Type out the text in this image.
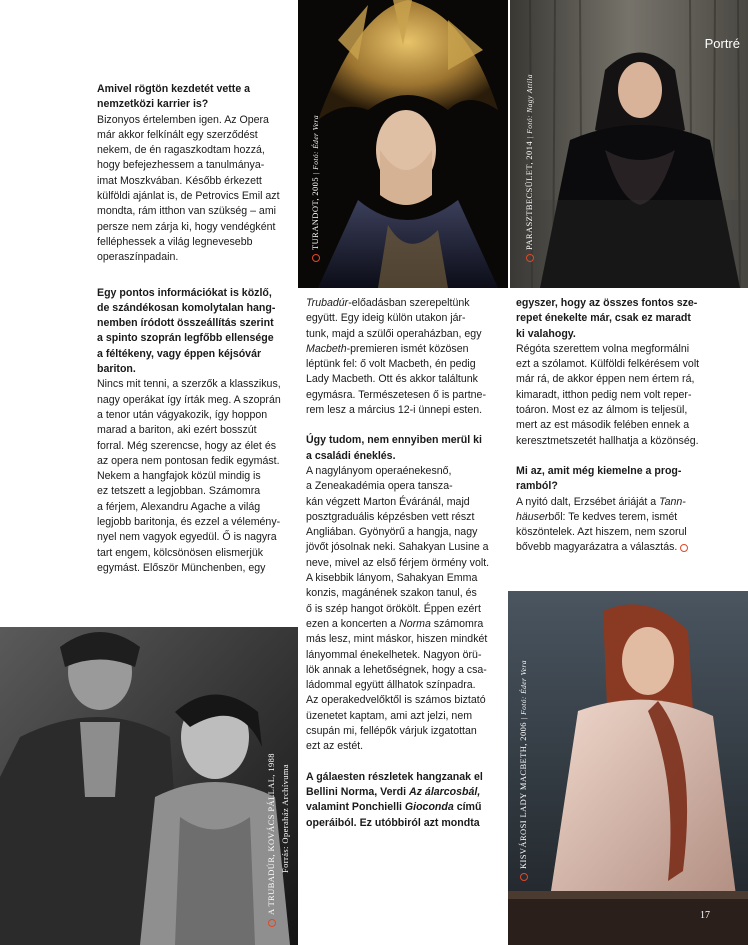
TURANDOT, 2005 | Fotó: Éder Vera
Portré
PARASZTBECSÜLET, 2014 | Fotó: Nagy Attila
A TRUBADÚR, KOVÁCS PÁLLAL, 1988 Forrás: Operaház Archívuma	KISVÁROSI LADY MACBETH, 2006 | Fotó: Éder Vera
17

Amivel rögtön kezdetét vette a

nemzetközi karrier is?

Bizonyos értelemben igen. Az Opera

már akkor felkínált egy szerződést

nekem, de én ragaszkodtam hozzá,

hogy befejezhessem a tanulmánya-

imat Moszkvában. Később érkezett

külföldi ajánlat is, de Petrovics Emil azt

mondta, rám itthon van szükség – ami

persze nem zárja ki, hogy vendégként

felléphessek a világ legnevesebb

operaszínpadain.

Egy pontos információkat is közlő,

de szándékosan komolytalan hang-

nemben íródott összeállítás szerint

a spinto szoprán legfőbb ellensége

a féltékeny, vagy éppen kéjsóvár

bariton.

Nincs mit tenni, a szerzők a klasszikus,

nagy operákat így írták meg. A szoprán

a tenor után vágyakozik, így hoppon

marad a bariton, aki ezért bosszút

forral. Még szerencse, hogy az élet és

az opera nem pontosan fedik egymást.

Nekem a hangfajok közül mindig is

ez tetszett a legjobban. Számomra

a férjem, Alexandru Agache a világ

legjobb baritonja, és ezzel a vélemény-

nyel nem vagyok egyedül. Ő is nagyra

tart engem, kölcsönösen elismerjük

egymást. Először Münchenben, egy

Trubadúr-előadásban szerepeltünk

együtt. Egy ideig külön utakon jár-

tunk, majd a szülői operaházban, egy

Macbeth-premieren ismét közösen

léptünk fel: ő volt Macbeth, én pedig

Lady Macbeth. Ott és akkor találtunk

egymásra. Természetesen ő is partne-

rem lesz a március 12-i ünnepi esten.

Úgy tudom, nem ennyiben merül ki

a családi éneklés.

A nagylányom operaénekesnő,

a Zeneakadémia opera tansza-

kán végzett Marton Éváránál, majd

posztgraduális képzésben vett részt

Angliában. Gyönyörű a hangja, nagy

jövőt jósolnak neki. Sahakyan Lusine a

neve, mivel az első férjem örmény volt.

A kisebbik lányom, Sahakyan Emma

konzis, magánének szakon tanul, és

ő is szép hangot örökölt. Éppen ezért

ezen a koncerten a Norma számomra

más lesz, mint máskor, hiszen mindkét

lányommal énekelhetek. Nagyon örü-

lök annak a lehetőségnek, hogy a csa-

ládommal együtt állhatok színpadra.

Az operakedvelőktől is számos biztató

üzenetet kaptam, ami azt jelzi, nem

csupán mi, fellépők várjuk izgatottan

ezt az estét.

A gálaesten részletek hangzanak el

Bellini Norma, Verdi Az álarcosbál,

valamint Ponchielli Gioconda című

operáiból. Ez utóbbiról azt mondta

egyszer, hogy az összes fontos sze-

repet énekelte már, csak ez maradt

ki valahogy.

Régóta szerettem volna megformálni

ezt a szólamot. Külföldi felkérésem volt

már rá, de akkor éppen nem értem rá,

kimaradt, itthon pedig nem volt reper-

toáron. Most ez az álmom is teljesül,

mert az est második felében ennek a

keresztmetszetét hallhatja a közönség.

Mi az, amit még kiemelne a prog-

ramból?

A nyitó dalt, Erzsébet áriáját a Tann-

häuserből: Te kedves terem, ismét

köszöntelek. Azt hiszem, nem szorul

bővebb magyarázatra a választás.
